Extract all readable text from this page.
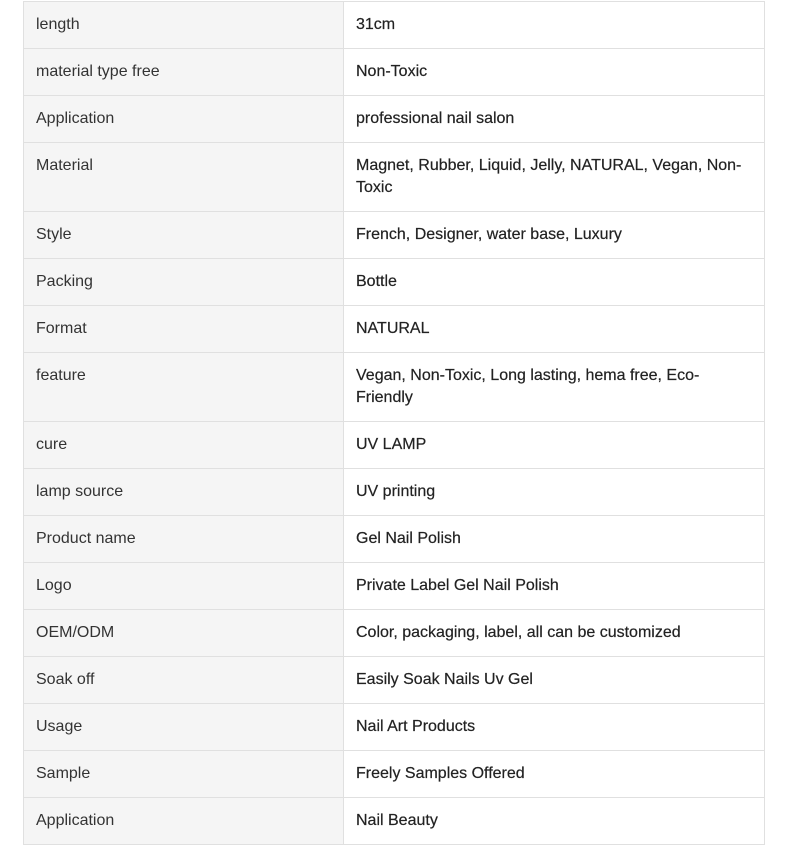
length	31cm
material type free	Non-Toxic
Application	professional nail salon
Material	Magnet, Rubber, Liquid, Jelly, NATURAL, Vegan, Non-Toxic
Style	French, Designer, water base, Luxury
Packing	Bottle
Format	NATURAL
feature	Vegan, Non-Toxic, Long lasting, hema free, Eco-Friendly
cure	UV LAMP
lamp source	UV printing
Product name	Gel Nail Polish
Logo	Private Label Gel Nail Polish
OEM/ODM	Color, packaging, label, all can be customized
Soak off	Easily Soak Nails Uv Gel
Usage	Nail Art Products
Sample	Freely Samples Offered
Application	Nail Beauty
